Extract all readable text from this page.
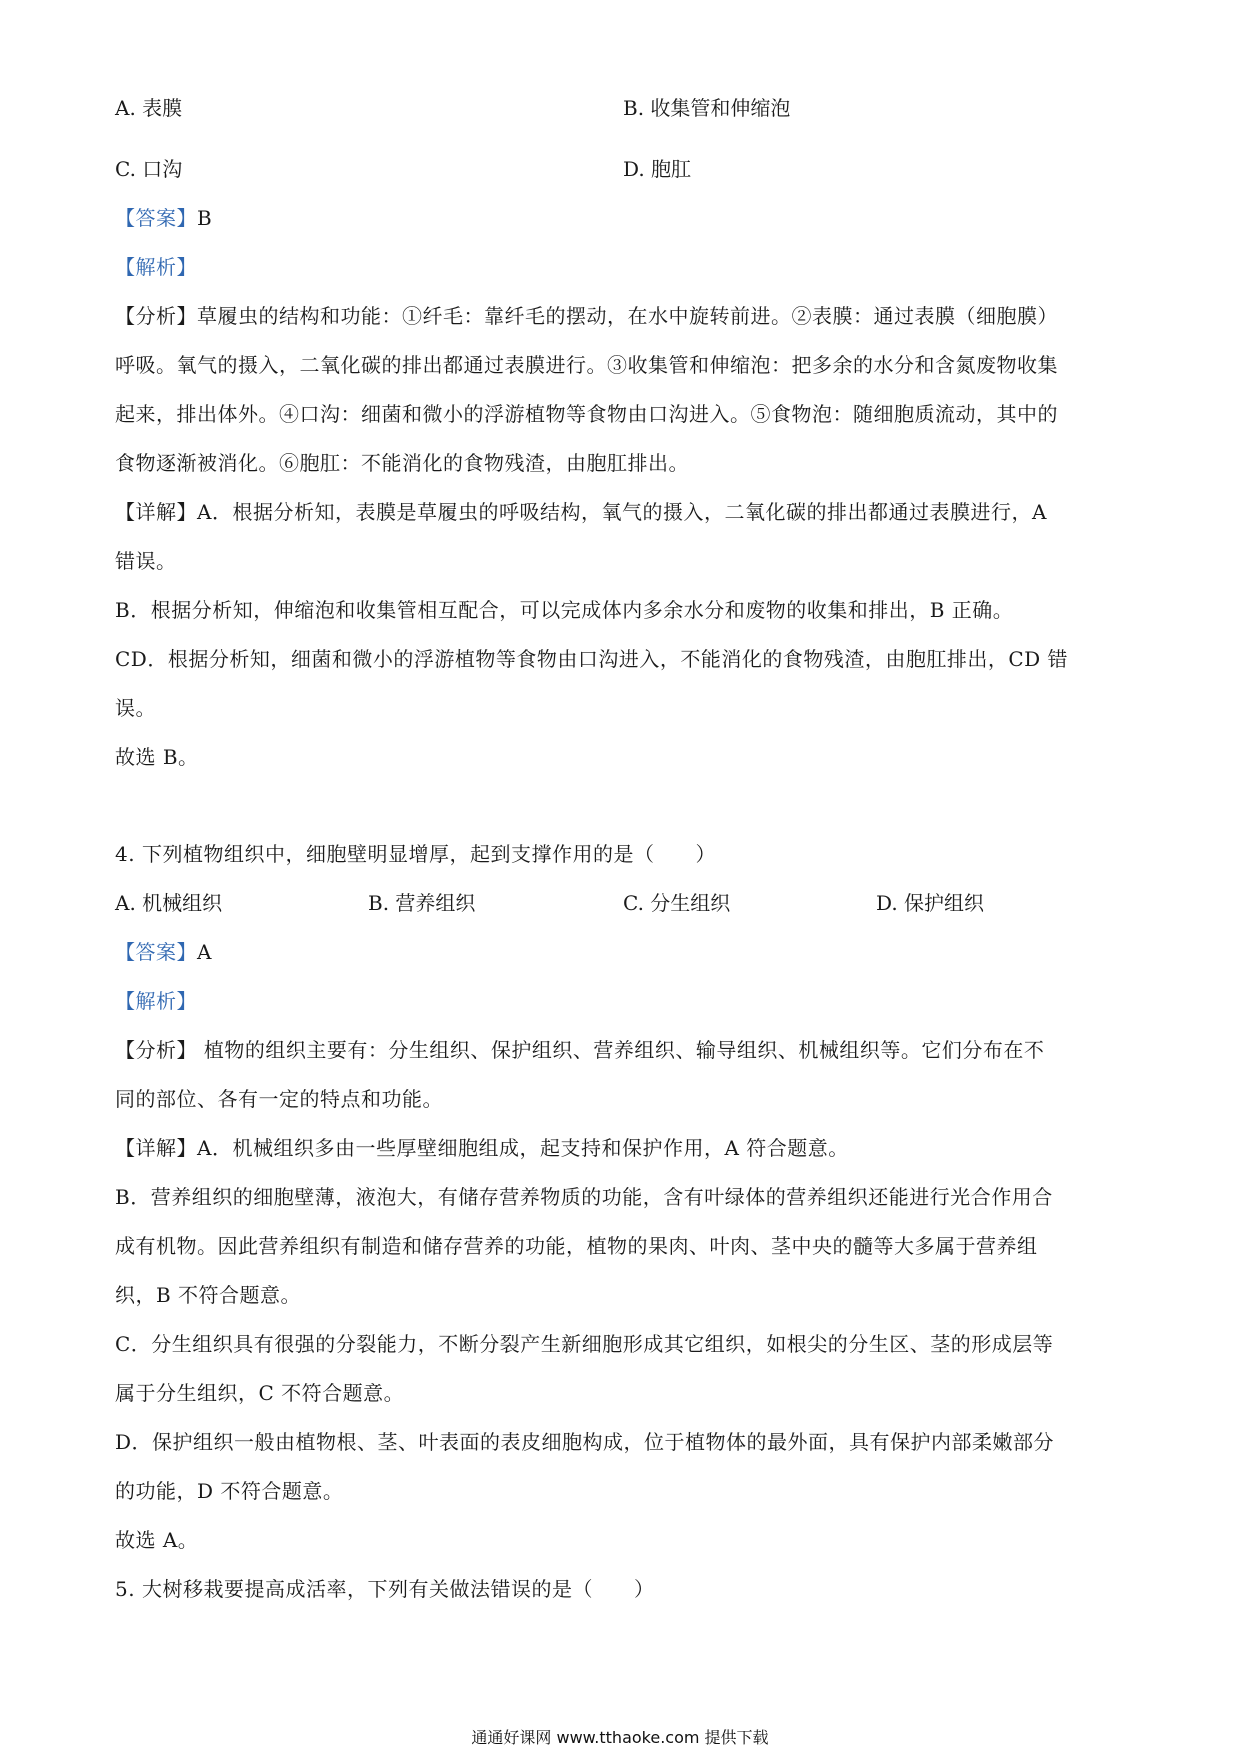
A. 表膜	B. 收集管和伸缩泡
C. 口沟	D. 胞肛
【答案】B
【解析】
【分析】草履虫的结构和功能：①纤毛：靠纤毛的摆动，在水中旋转前进。②表膜：通过表膜（细胞膜）
呼吸。氧气的摄入，二氧化碳的排出都通过表膜进行。③收集管和伸缩泡：把多余的水分和含氮废物收集
起来，排出体外。④口沟：细菌和微小的浮游植物等食物由口沟进入。⑤食物泡：随细胞质流动，其中的
食物逐渐被消化。⑥胞肛：不能消化的食物残渣，由胞肛排出。
【详解】A．根据分析知，表膜是草履虫的呼吸结构，氧气的摄入，二氧化碳的排出都通过表膜进行，A
错误。
B．根据分析知，伸缩泡和收集管相互配合，可以完成体内多余水分和废物的收集和排出，B 正确。
CD．根据分析知，细菌和微小的浮游植物等食物由口沟进入，不能消化的食物残渣，由胞肛排出，CD 错
误。
故选 B。
4. 下列植物组织中，细胞壁明显增厚，起到支撑作用的是（　　）
A. 机械组织	B. 营养组织	C. 分生组织	D. 保护组织
【答案】A
【解析】
【分析】 植物的组织主要有：分生组织、保护组织、营养组织、输导组织、机械组织等。它们分布在不
同的部位、各有一定的特点和功能。
【详解】A．机械组织多由一些厚壁细胞组成，起支持和保护作用，A 符合题意。
B．营养组织的细胞壁薄，液泡大，有储存营养物质的功能，含有叶绿体的营养组织还能进行光合作用合
成有机物。因此营养组织有制造和储存营养的功能，植物的果肉、叶肉、茎中央的髓等大多属于营养组
织，B 不符合题意。
C．分生组织具有很强的分裂能力，不断分裂产生新细胞形成其它组织，如根尖的分生区、茎的形成层等
属于分生组织，C 不符合题意。
D．保护组织一般由植物根、茎、叶表面的表皮细胞构成，位于植物体的最外面，具有保护内部柔嫩部分
的功能，D 不符合题意。
故选 A。
5. 大树移栽要提高成活率，下列有关做法错误的是（　　）
通通好课网 www.tthaoke.com 提供下载
